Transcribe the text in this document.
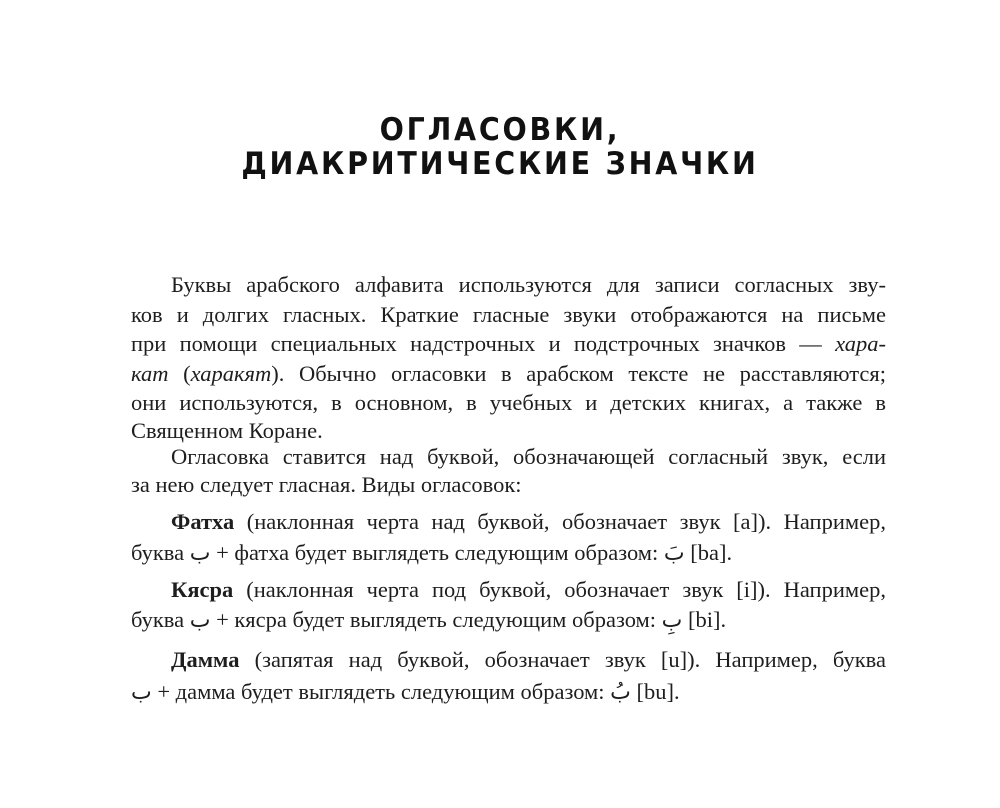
ОГЛАСОВКИ,
ДИАКРИТИЧЕСКИЕ ЗНАЧКИ
Буквы арабского алфавита используются для записи согласных зву-
ков и долгих гласных. Краткие гласные звуки отображаются на письме
при помощи специальных надстрочных и подстрочных значков — хара-
кат (харакят). Обычно огласовки в арабском тексте не расставляются;
они используются, в основном, в учебных и детских книгах, а также в
Священном Коране.
Огласовка ставится над буквой, обозначающей согласный звук, если
за нею следует гласная. Виды огласовок:
Фатха (наклонная черта над буквой, обозначает звук [a]). Например,
буква ب + фатха будет выглядеть следующим образом: بَ [ba].
Кясра (наклонная черта под буквой, обозначает звук [i]). Например,
буква ب + кясра будет выглядеть следующим образом: بِ [bi].
Дамма (запятая над буквой, обозначает звук [u]). Например, буква
ب + дамма будет выглядеть следующим образом: بُ [bu].
